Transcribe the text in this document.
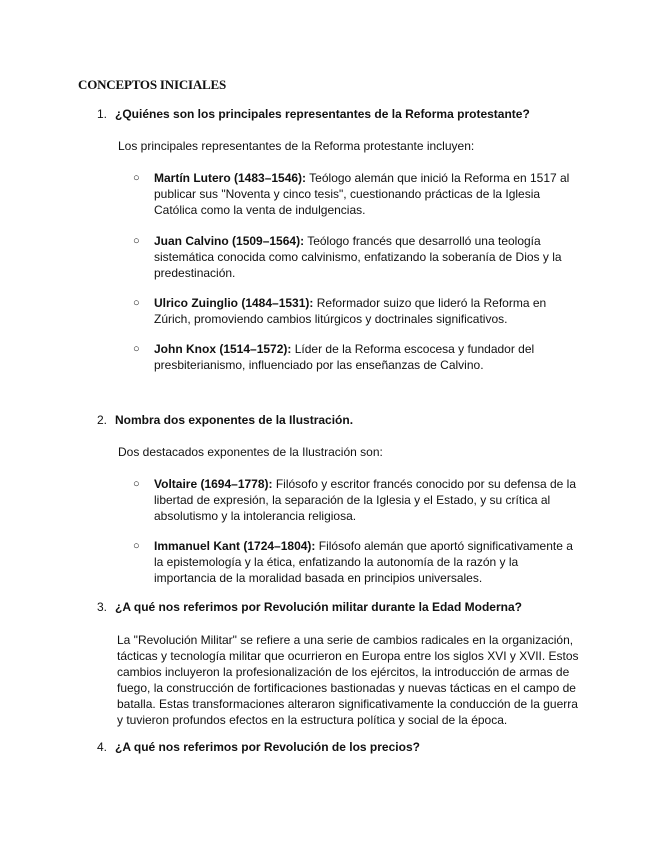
CONCEPTOS INICIALES
1. ¿Quiénes son los principales representantes de la Reforma protestante?
Los principales representantes de la Reforma protestante incluyen:
○ Martín Lutero (1483–1546): Teólogo alemán que inició la Reforma en 1517 al publicar sus "Noventa y cinco tesis", cuestionando prácticas de la Iglesia Católica como la venta de indulgencias.
○ Juan Calvino (1509–1564): Teólogo francés que desarrolló una teología sistemática conocida como calvinismo, enfatizando la soberanía de Dios y la predestinación.
○ Ulrico Zuinglio (1484–1531): Reformador suizo que lideró la Reforma en Zúrich, promoviendo cambios litúrgicos y doctrinales significativos.
○ John Knox (1514–1572): Líder de la Reforma escocesa y fundador del presbiterianismo, influenciado por las enseñanzas de Calvino.
2. Nombra dos exponentes de la Ilustración.
Dos destacados exponentes de la Ilustración son:
○ Voltaire (1694–1778): Filósofo y escritor francés conocido por su defensa de la libertad de expresión, la separación de la Iglesia y el Estado, y su crítica al absolutismo y la intolerancia religiosa.
○ Immanuel Kant (1724–1804): Filósofo alemán que aportó significativamente a la epistemología y la ética, enfatizando la autonomía de la razón y la importancia de la moralidad basada en principios universales.
3. ¿A qué nos referimos por Revolución militar durante la Edad Moderna?
La "Revolución Militar" se refiere a una serie de cambios radicales en la organización, tácticas y tecnología militar que ocurrieron en Europa entre los siglos XVI y XVII. Estos cambios incluyeron la profesionalización de los ejércitos, la introducción de armas de fuego, la construcción de fortificaciones bastionadas y nuevas tácticas en el campo de batalla. Estas transformaciones alteraron significativamente la conducción de la guerra y tuvieron profundos efectos en la estructura política y social de la época.
4. ¿A qué nos referimos por Revolución de los precios?
